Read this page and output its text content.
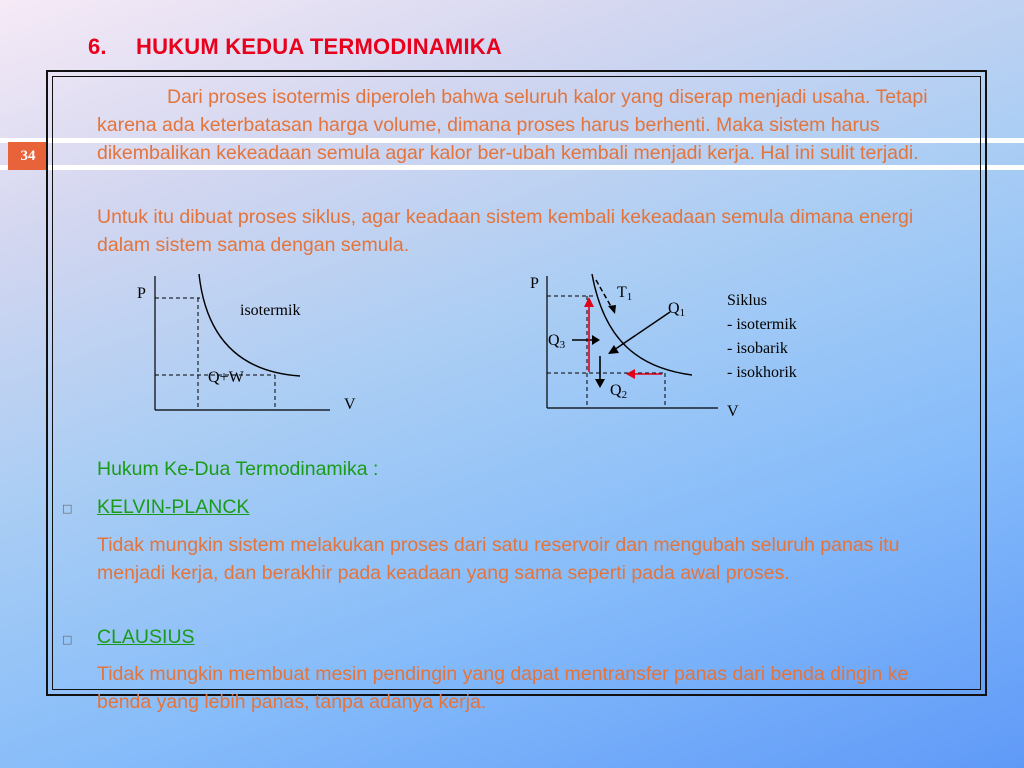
34
6. HUKUM KEDUA TERMODINAMIKA

Dari proses isotermis diperoleh bahwa seluruh kalor yang diserap menjadi usaha. Tetapi karena ada keterbatasan harga volume, dimana proses harus berhenti. Maka sistem harus dikembalikan kekeadaan semula agar kalor ber-ubah kembali menjadi kerja. Hal ini sulit terjadi.

Untuk itu dibuat proses siklus, agar keadaan sistem kembali kekeadaan semula dimana energi dalam sistem sama dengan semula.

P
V
isotermik
Q+W
P
V
T1
Q1
Q3
Q2
Siklus
- isotermik
- isobarik
- isokhorik

Hukum Ke-Dua Termodinamika :

□ KELVIN-PLANCK

Tidak mungkin sistem melakukan proses dari satu reservoir dan mengubah seluruh panas itu menjadi kerja, dan berakhir pada keadaan yang sama seperti pada awal proses.

□ CLAUSIUS

Tidak mungkin membuat mesin pendingin yang dapat mentransfer panas dari benda dingin ke benda yang lebih panas, tanpa adanya kerja.
